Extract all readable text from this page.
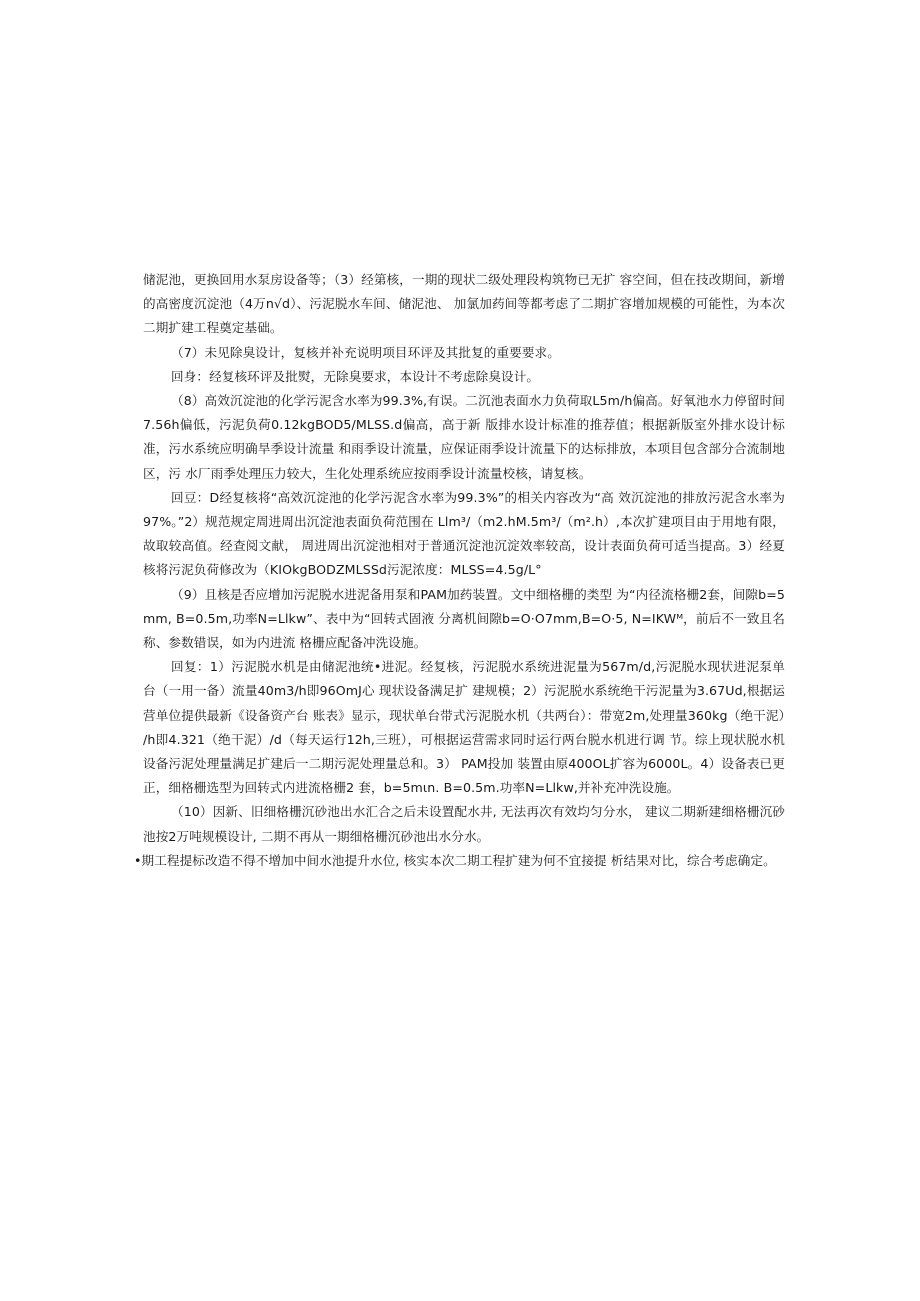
储泥池，更换回用水泵房设备等；（3）经第核，一期的现状二级处理段构筑物已无扩 容空间，但在技改期间，新增的高密度沉淀池（4万n√d）、污泥脱水车间、储泥池、 加氯加药间等都考虑了二期扩容增加规模的可能性，为本次二期扩建工程奠定基础。

（7）未见除臭设计，复核并补充说明项目环评及其批复的重要要求。

回身：经复核环评及批熨，无除臭要求，本设计不考虑除臭设计。

（8）高效沉淀池的化学污泥含水率为99.3%,有误。二沉池表面水力负荷取L5m∕h偏高。好氧池水力停留时间7.56h偏低，污泥负荷0.12kgBOD5/MLSS.d偏高，高于新 版排水设计标准的推荐值；根据新版室外排水设计标准，污水系统应明确旱季设计流量 和雨季设计流量，应保证雨季设计流量下的达标排放，本项目包含部分合流制地区，污 水厂雨季处理压力较大，生化处理系统应按雨季设计流量校核，请复核。

回豆：D经复核将“高效沉淀池的化学污泥含水率为99.3%”的相关内容改为“高 效沉淀池的排放污泥含水率为97%。”2）规范规定周进周出沉淀池表面负荷范围在 Llm³/（m2.hM.5m³/（m².h）,本次扩建项目由于用地有限，故取较高值。经查阅文献， 周进周出沉淀池相对于普通沉淀池沉淀效率较高，设计表面负荷可适当提高。3）经夏 核将污泥负荷修改为（KIOkgBODZMLSSd污泥浓度：MLSS=4.5g∕L°

（9）且核是否应增加污泥脱水进泥备用泵和PAM加药装置。文中细格栅的类型 为“内径流格栅2套，间隙b=5mm, B=0.5m,功率N=Llkw”、表中为“回转式固液 分离机间隙b=O·O7mm,B=O·5, N=IKWᴹ，前后不一致且名称、参数错误，如为内进流 格栅应配备冲洗设施。

回复：1）污泥脱水机是由储泥池统•进泥。经复核，污泥脱水系统进泥量为567m∕d,污泥脱水现状进泥泵单台（一用一备）流量40m3/h即96OmJ心 现状设备满足扩 建规模；2）污泥脱水系统绝干污泥量为3.67Ud,根据运营单位提供最新《设备资产台 账表》显示，现状单台带式污泥脱水机（共两台）：带宽2m,处理量360kg（绝干泥）∕h即4.321（绝干泥）∕d（每天运行12h,三班），可根据运营需求同时运行两台脱水机进行调 节。综上现状脱水机设备污泥处理量满足扩建后一二期污泥处理量总和。3） PAM投加 装置由原400OL扩容为6000L。4）设备表已更正，细格栅选型为回转式内进流格栅2 套，b=5mιn. B=0.5m.功率N=Llkw,并补充冲洗设施。

（10）因新、旧细格栅沉砂池出水汇合之后未设置配水井, 无法再次有效均匀分水， 建议二期新建细格栅沉砂池按2万吨规模设计, 二期不再从一期细格栅沉砂池出水分水。

•期工程提标改造不得不增加中间水池提升水位, 核实本次二期工程扩建为何不宜接提 析结果对比，综合考虑确定。
